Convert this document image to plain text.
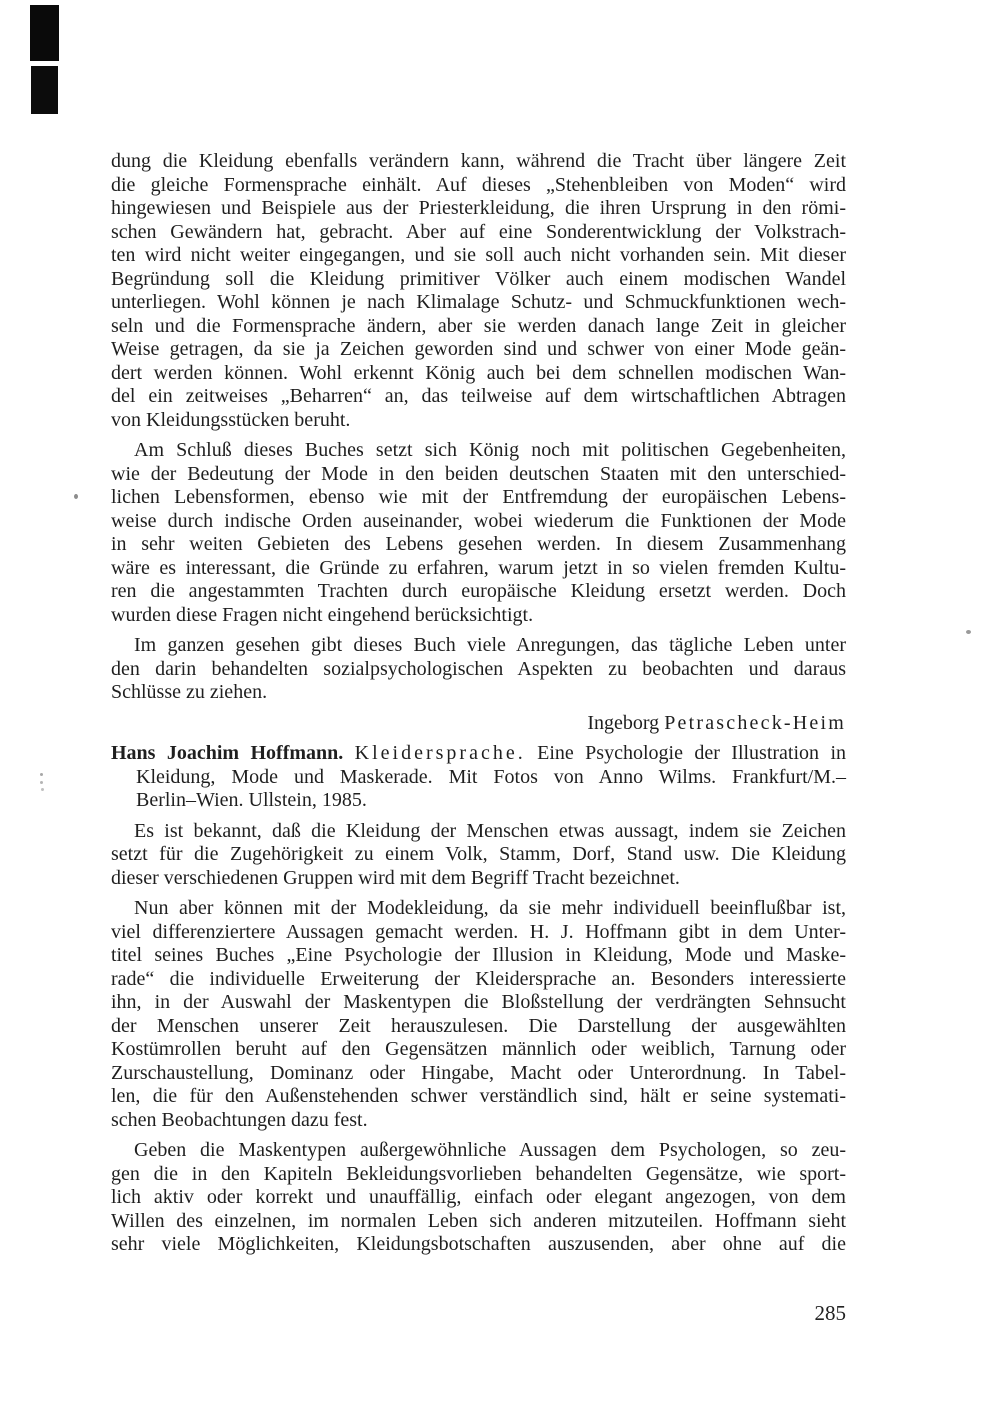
dung die Kleidung ebenfalls verändern kann, während die Tracht über längere Zeit
die gleiche Formensprache einhält. Auf dieses „Stehenbleiben von Moden“ wird
hingewiesen und Beispiele aus der Priesterkleidung, die ihren Ursprung in den römi-
schen Gewändern hat, gebracht. Aber auf eine Sonderentwicklung der Volkstrach-
ten wird nicht weiter eingegangen, und sie soll auch nicht vorhanden sein. Mit dieser
Begründung soll die Kleidung primitiver Völker auch einem modischen Wandel
unterliegen. Wohl können je nach Klimalage Schutz- und Schmuckfunktionen wech-
seln und die Formensprache ändern, aber sie werden danach lange Zeit in gleicher
Weise getragen, da sie ja Zeichen geworden sind und schwer von einer Mode geän-
dert werden können. Wohl erkennt König auch bei dem schnellen modischen Wan-
del ein zeitweises „Beharren“ an, das teilweise auf dem wirtschaftlichen Abtragen
von Kleidungsstücken beruht.
Am Schluß dieses Buches setzt sich König noch mit politischen Gegebenheiten,
wie der Bedeutung der Mode in den beiden deutschen Staaten mit den unterschied-
lichen Lebensformen, ebenso wie mit der Entfremdung der europäischen Lebens-
weise durch indische Orden auseinander, wobei wiederum die Funktionen der Mode
in sehr weiten Gebieten des Lebens gesehen werden. In diesem Zusammenhang
wäre es interessant, die Gründe zu erfahren, warum jetzt in so vielen fremden Kultu-
ren die angestammten Trachten durch europäische Kleidung ersetzt werden. Doch
wurden diese Fragen nicht eingehend berücksichtigt.
Im ganzen gesehen gibt dieses Buch viele Anregungen, das tägliche Leben unter
den darin behandelten sozialpsychologischen Aspekten zu beobachten und daraus
Schlüsse zu ziehen.
Ingeborg Petrascheck-Heim
Hans Joachim Hoffmann. Kleidersprache. Eine Psychologie der Illustration in
Kleidung, Mode und Maskerade. Mit Fotos von Anno Wilms. Frankfurt/M.–
Berlin–Wien. Ullstein, 1985.
Es ist bekannt, daß die Kleidung der Menschen etwas aussagt, indem sie Zeichen
setzt für die Zugehörigkeit zu einem Volk, Stamm, Dorf, Stand usw. Die Kleidung
dieser verschiedenen Gruppen wird mit dem Begriff Tracht bezeichnet.
Nun aber können mit der Modekleidung, da sie mehr individuell beeinflußbar ist,
viel differenziertere Aussagen gemacht werden. H. J. Hoffmann gibt in dem Unter-
titel seines Buches „Eine Psychologie der Illusion in Kleidung, Mode und Maske-
rade“ die individuelle Erweiterung der Kleidersprache an. Besonders interessierte
ihn, in der Auswahl der Maskentypen die Bloßstellung der verdrängten Sehnsucht
der Menschen unserer Zeit herauszulesen. Die Darstellung der ausgewählten
Kostümrollen beruht auf den Gegensätzen männlich oder weiblich, Tarnung oder
Zurschaustellung, Dominanz oder Hingabe, Macht oder Unterordnung. In Tabel-
len, die für den Außenstehenden schwer verständlich sind, hält er seine systemati-
schen Beobachtungen dazu fest.
Geben die Maskentypen außergewöhnliche Aussagen dem Psychologen, so zeu-
gen die in den Kapiteln Bekleidungsvorlieben behandelten Gegensätze, wie sport-
lich aktiv oder korrekt und unauffällig, einfach oder elegant angezogen, von dem
Willen des einzelnen, im normalen Leben sich anderen mitzuteilen. Hoffmann sieht
sehr viele Möglichkeiten, Kleidungsbotschaften auszusenden, aber ohne auf die
285
